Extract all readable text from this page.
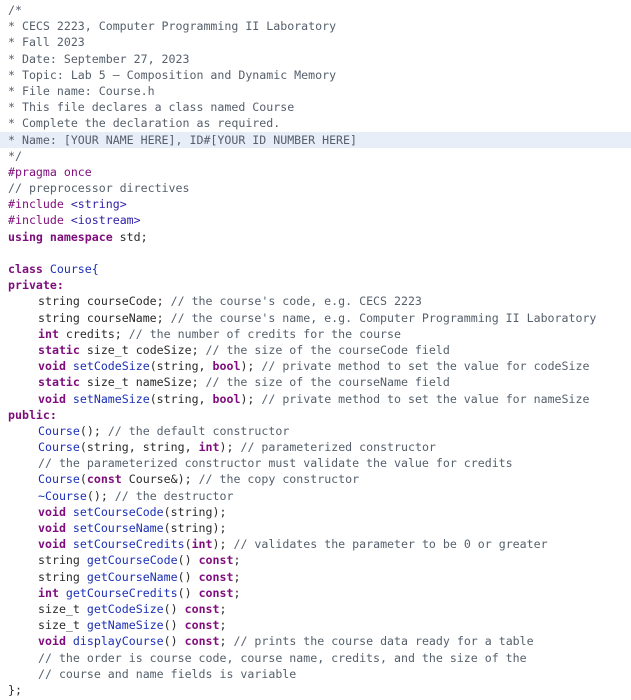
/*
* CECS 2223, Computer Programming II Laboratory
* Fall 2023
* Date: September 27, 2023
* Topic: Lab 5 – Composition and Dynamic Memory
* File name: Course.h
* This file declares a class named Course
* Complete the declaration as required.
* Name: [YOUR NAME HERE], ID#[YOUR ID NUMBER HERE]
*/
#pragma once
// preprocessor directives
#include <string>
#include <iostream>
using namespace std;

class Course{
private:
string courseCode; // the course's code, e.g. CECS 2223
string courseName; // the course's name, e.g. Computer Programming II Laboratory
int credits; // the number of credits for the course
static size_t codeSize; // the size of the courseCode field
void setCodeSize(string, bool); // private method to set the value for codeSize
static size_t nameSize; // the size of the courseName field
void setNameSize(string, bool); // private method to set the value for nameSize
public:
Course(); // the default constructor
Course(string, string, int); // parameterized constructor
// the parameterized constructor must validate the value for credits
Course(const Course&); // the copy constructor
~Course(); // the destructor
void setCourseCode(string);
void setCourseName(string);
void setCourseCredits(int); // validates the parameter to be 0 or greater
string getCourseCode() const;
string getCourseName() const;
int getCourseCredits() const;
size_t getCodeSize() const;
size_t getNameSize() const;
void displayCourse() const; // prints the course data ready for a table
// the order is course code, course name, credits, and the size of the
// course and name fields is variable
};
